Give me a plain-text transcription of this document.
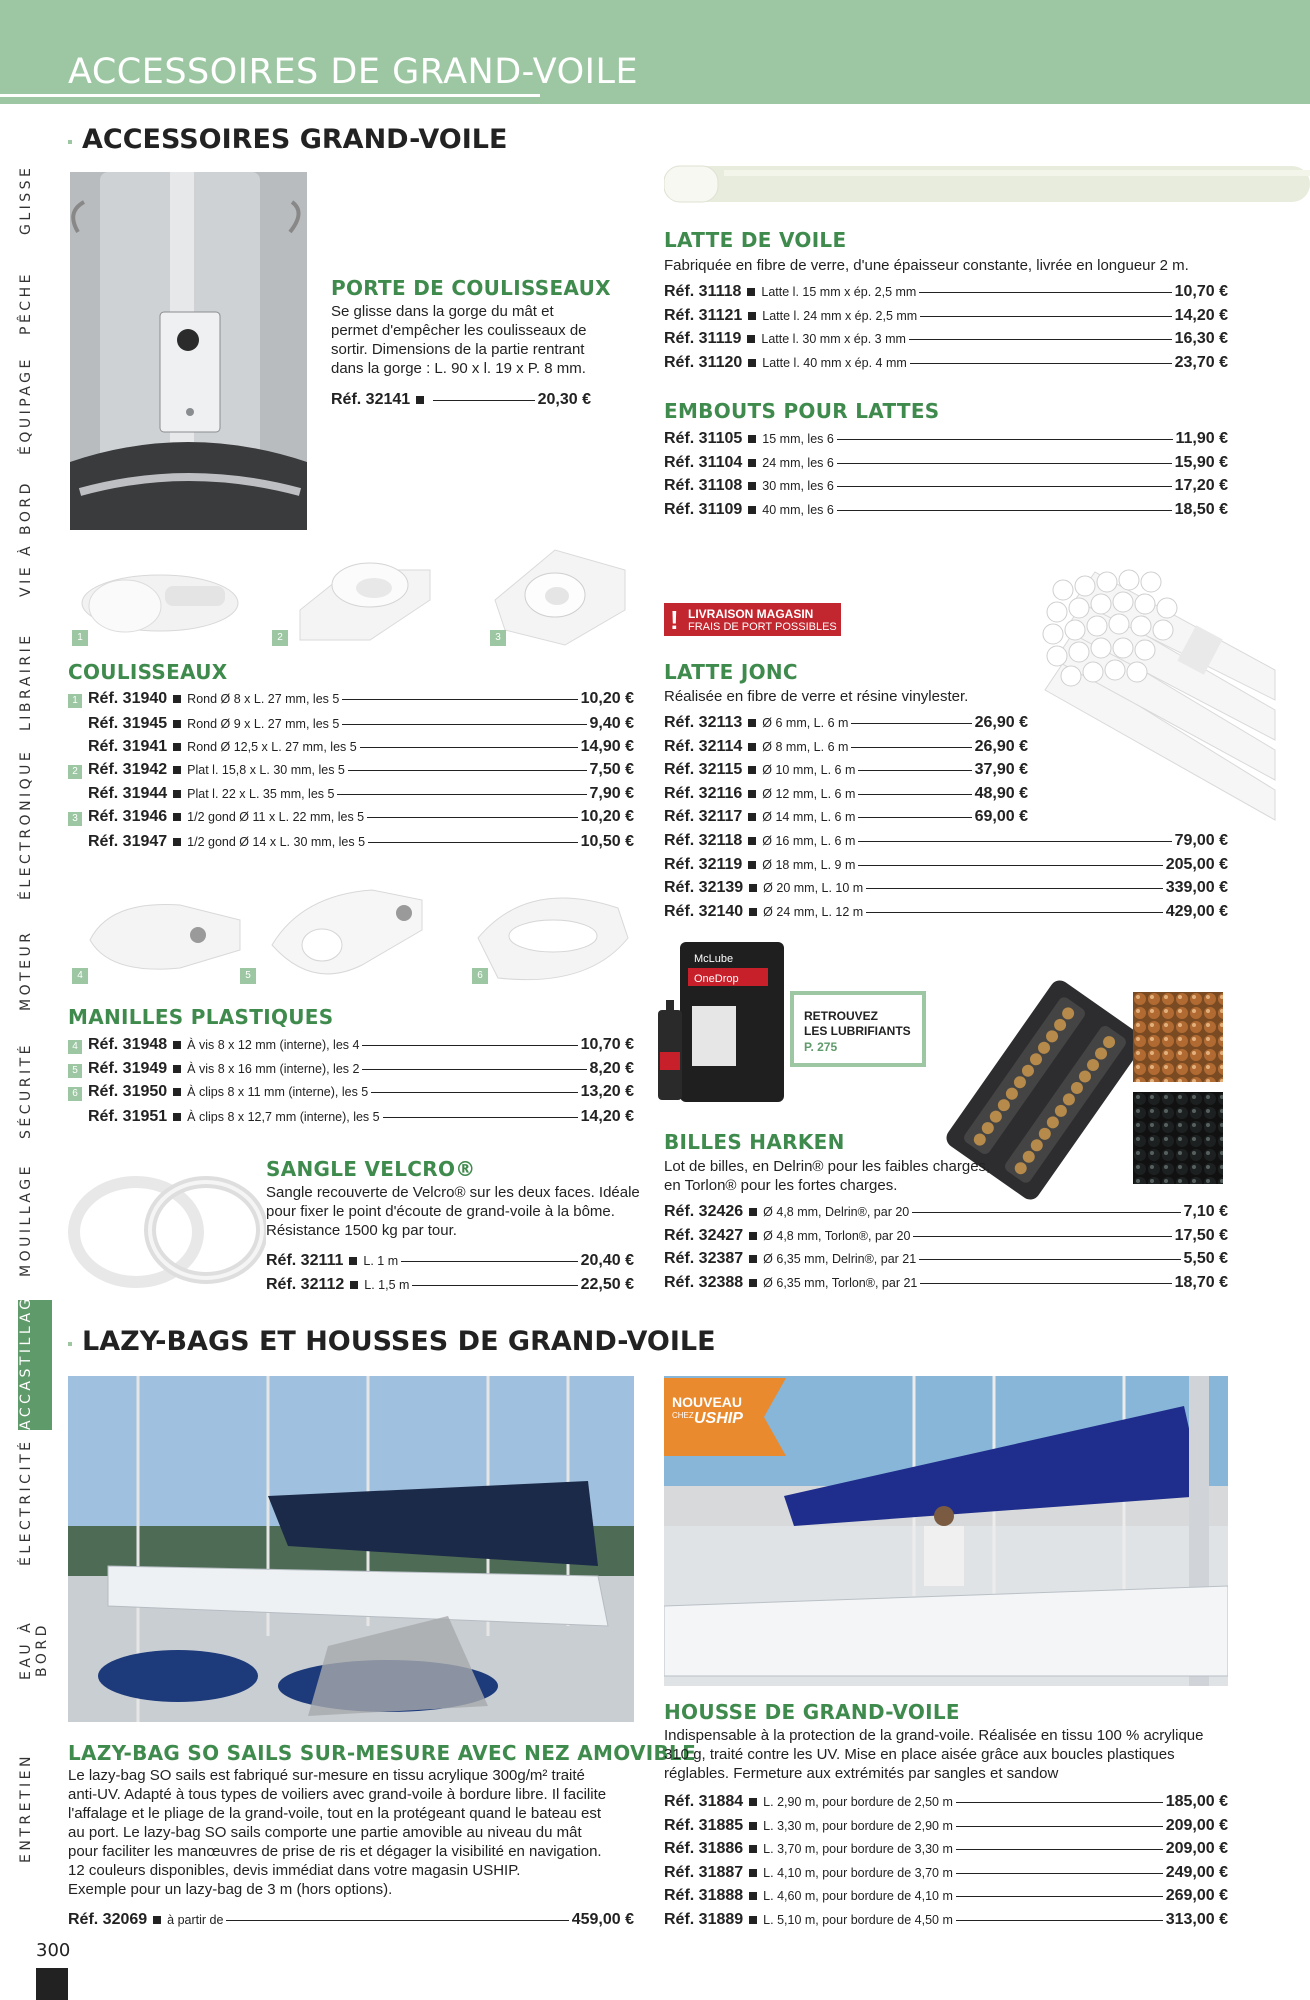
ACCESSOIRES DE GRAND-VOILE
GLISSE
PÊCHE
ÉQUIPAGE
VIE À BORD
LIBRAIRIE
ÉLECTRONIQUE
MOTEUR
SÉCURITÉ
MOUILLAGE
ACCASTILLAGE
ÉLECTRICITÉ
EAU À BORD
ENTRETIEN
300
ACCESSOIRES GRAND-VOILE
PORTE DE COULISSEAUX
Se glisse dans la gorge du mât et
permet d'empêcher les coulisseaux de
sortir. Dimensions de la partie rentrant
dans la gorge : L. 90 x l. 19 x P. 8 mm.
Réf. 32141	20,30 €
1	2	3
COULISSEAUX
1 Réf. 31940 Rond Ø 8 x L. 27 mm, les 5	10,20 €
Réf. 31945 Rond Ø 9 x L. 27 mm, les 5	9,40 €
Réf. 31941 Rond Ø 12,5 x L. 27 mm, les 5	14,90 €
2 Réf. 31942 Plat l. 15,8 x L. 30 mm, les 5	7,50 €
Réf. 31944 Plat l. 22 x L. 35 mm, les 5	7,90 €
3 Réf. 31946 1/2 gond Ø 11 x L. 22 mm, les 5	10,20 €
Réf. 31947 1/2 gond Ø 14 x L. 30 mm, les 5	10,50 €
4	5	6
MANILLES PLASTIQUES
4 Réf. 31948 À vis 8 x 12 mm (interne), les 4	10,70 €
5 Réf. 31949 À vis 8 x 16 mm (interne), les 2	8,20 €
6 Réf. 31950 À clips 8 x 11 mm (interne), les 5	13,20 €
Réf. 31951 À clips 8 x 12,7 mm (interne), les 5	14,20 €
SANGLE VELCRO®
Sangle recouverte de Velcro® sur les deux faces. Idéale
pour fixer le point d'écoute de grand-voile à la bôme.
Résistance 1500 kg par tour.
Réf. 32111 L. 1 m	20,40 €
Réf. 32112 L. 1,5 m	22,50 €
LATTE DE VOILE
Fabriquée en fibre de verre, d'une épaisseur constante, livrée en longueur 2 m.
Réf. 31118 Latte l. 15 mm x ép. 2,5 mm	10,70 €
Réf. 31121 Latte l. 24 mm x ép. 2,5 mm	14,20 €
Réf. 31119 Latte l. 30 mm x ép. 3 mm	16,30 €
Réf. 31120 Latte l. 40 mm x ép. 4 mm	23,70 €
EMBOUTS POUR LATTES
Réf. 31105 15 mm, les 6	11,90 €
Réf. 31104 24 mm, les 6	15,90 €
Réf. 31108 30 mm, les 6	17,20 €
Réf. 31109 40 mm, les 6	18,50 €
! LIVRAISON MAGASIN
FRAIS DE PORT POSSIBLES
LATTE JONC
Réalisée en fibre de verre et résine vinylester.
Réf. 32113 Ø 6 mm, L. 6 m	26,90 €
Réf. 32114 Ø 8 mm, L. 6 m	26,90 €
Réf. 32115 Ø 10 mm, L. 6 m	37,90 €
Réf. 32116 Ø 12 mm, L. 6 m	48,90 €
Réf. 32117 Ø 14 mm, L. 6 m	69,00 €
Réf. 32118 Ø 16 mm, L. 6 m	79,00 €
Réf. 32119 Ø 18 mm, L. 9 m	205,00 €
Réf. 32139 Ø 20 mm, L. 10 m	339,00 €
Réf. 32140 Ø 24 mm, L. 12 m	429,00 €
McLube
OneDrop
RETROUVEZ
LES LUBRIFIANTS
P. 275
BILLES HARKEN
Lot de billes, en Delrin® pour les faibles charges,
en Torlon® pour les fortes charges.
Réf. 32426 Ø 4,8 mm, Delrin®, par 20	7,10 €
Réf. 32427 Ø 4,8 mm, Torlon®, par 20	17,50 €
Réf. 32387 Ø 6,35 mm, Delrin®, par 21	5,50 €
Réf. 32388 Ø 6,35 mm, Torlon®, par 21	18,70 €
LAZY-BAGS ET HOUSSES DE GRAND-VOILE
LAZY-BAG SO SAILS SUR-MESURE AVEC NEZ AMOVIBLE
Le lazy-bag SO sails est fabriqué sur-mesure en tissu acrylique 300g/m² traité
anti-UV. Adapté à tous types de voiliers avec grand-voile à bordure libre. Il facilite
l'affalage et le pliage de la grand-voile, tout en la protégeant quand le bateau est
au port. Le lazy-bag SO sails comporte une partie amovible au niveau du mât
pour faciliter les manœuvres de prise de ris et dégager la visibilité en navigation.
12 couleurs disponibles, devis immédiat dans votre magasin USHIP.
Exemple pour un lazy-bag de 3 m (hors options).
Réf. 32069 à partir de	459,00 €
NOUVEAU
CHEZ USHIP
HOUSSE DE GRAND-VOILE
Indispensable à la protection de la grand-voile. Réalisée en tissu 100 % acrylique
310 g, traité contre les UV. Mise en place aisée grâce aux boucles plastiques
réglables. Fermeture aux extrémités par sangles et sandow
Réf. 31884 L. 2,90 m, pour bordure de 2,50 m	185,00 €
Réf. 31885 L. 3,30 m, pour bordure de 2,90 m	209,00 €
Réf. 31886 L. 3,70 m, pour bordure de 3,30 m	209,00 €
Réf. 31887 L. 4,10 m, pour bordure de 3,70 m	249,00 €
Réf. 31888 L. 4,60 m, pour bordure de 4,10 m	269,00 €
Réf. 31889 L. 5,10 m, pour bordure de 4,50 m	313,00 €
